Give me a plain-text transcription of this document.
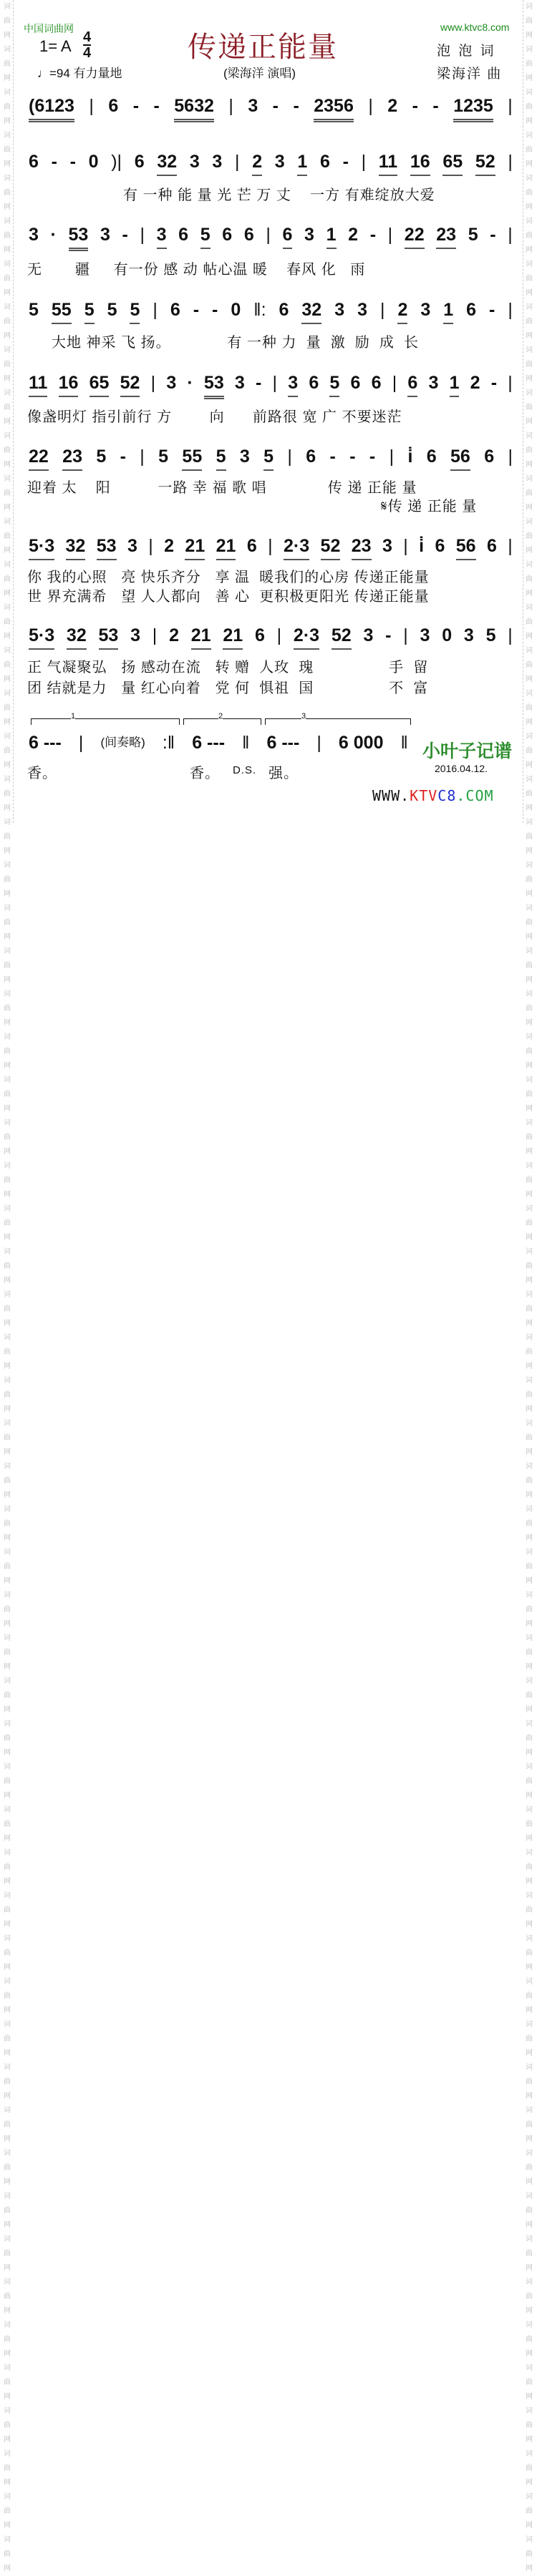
词曲网词曲网词曲网词曲网词曲网词曲网词曲网词曲网词曲网词曲网词曲网词曲网词曲网词曲网词曲网词曲网词曲网词曲网词曲网词曲网词曲网词曲网词曲网词曲网词曲网词曲网词曲网词曲网词曲网词曲网词曲网词曲网词曲网词曲网词曲网词曲网词曲网词曲网词曲网词曲网词曲网词曲网词曲网词曲网词曲网词曲网词曲网词曲网词曲网词曲网词曲网词曲网词曲网词曲网词曲网词曲网词曲网词曲网词曲网词曲网
词曲网词曲网词曲网词曲网词曲网词曲网词曲网词曲网词曲网词曲网词曲网词曲网词曲网词曲网词曲网词曲网词曲网词曲网词曲网词曲网词曲网词曲网词曲网词曲网词曲网词曲网词曲网词曲网词曲网词曲网词曲网词曲网词曲网词曲网词曲网词曲网词曲网词曲网词曲网词曲网词曲网词曲网词曲网词曲网词曲网词曲网词曲网词曲网词曲网词曲网词曲网词曲网词曲网词曲网词曲网词曲网词曲网词曲网词曲网词曲网
中国词曲网	www.ktvc8.com
传递正能量
(梁海洋 演唱)
1= A 4
4
♩=94 有力量地
泡 泡 词
梁海洋 曲
(6123 | 6 - - 5632 | 3 - - 2356 | 2 - - 1235 |
6 - - 0 )| 6 32 3 3 | 2 3 1 6 - | 11 16 65 52 |
3 · 53 3 - | 3 6 5 6 6 | 6 3 1 2 - | 22 23 5 - |
5 55 5 5 5 | 6 - - 0 ‖: 6 32 3 3 | 2 3 1 6 - |
11 16 65 52 | 3 · 53 3 - | 3 6 5 6 6 | 6 3 1 2 - |
22 23 5 - | 5 55 5 3 5 | 6 - - - | i̇ 6 56 6 |
5·3 32 53 3 | 2 21 21 6 | 2·3 52 23 3 | i̇ 6 56 6 |
5·3 32 53 3 | 2 21 21 6 | 2·3 52 3 - | 3 0 3 5 |
6 --- | (间奏略) :‖ 6 --- ‖ 6 --- | 6 000 ‖
有 一种 能 量 光 芒 万 丈    一方 有难绽放大爱
无       疆     有一份 感 动 帖心温 暖    春风 化   雨
大地 神采 飞 扬。            有 一种 力  量  激  励  成  长
像盏明灯 指引前行 方        向      前路很 宽 广 不要迷茫
迎着 太    阳          一路 幸 福 歌 唱             传 递 正能 量
𝄋传 递 正能 量
你 我的心照   亮 快乐齐分   享 温  暖我们的心房 传递正能量
世 界充满希   望 人人都向   善 心  更积极更阳光 传递正能量
正 气凝聚弘   扬 感动在流   转 赠  人玫  瑰                手  留
团 结就是力   量 红心向着   党 何  惧祖  国                不  富
1	2	3
香。	香。 D.S. 强。
小叶子记谱
2016.04.12.
WWW.KTVC8.COM
